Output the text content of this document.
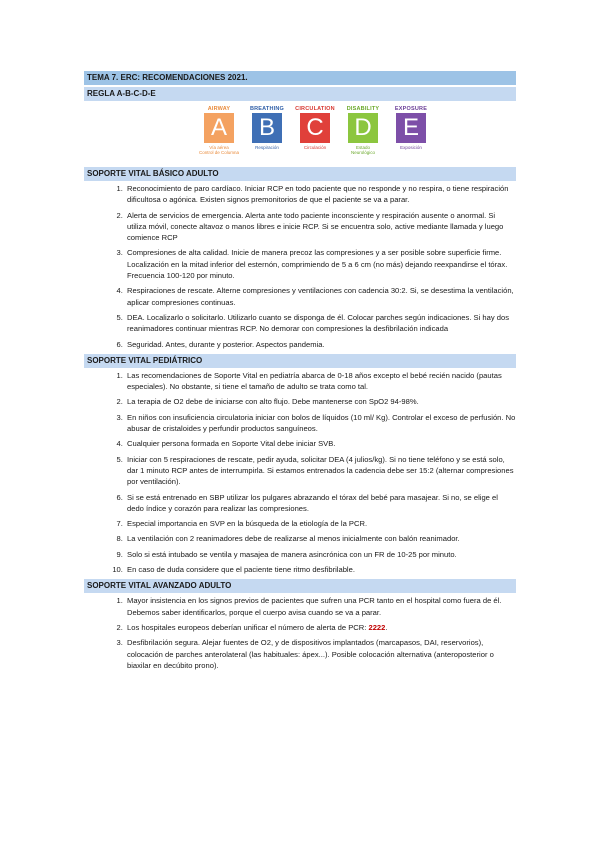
TEMA 7. ERC: RECOMENDACIONES 2021.
REGLA A-B-C-D-E
AIRWAY
A
Vía aérea
Control de Columna
BREATHING
B
Respiración
CIRCULATION
C
Circulación
DISABILITY
D
Estado
Neurológico
EXPOSURE
E
Exposición
SOPORTE VITAL BÁSICO ADULTO
1. Reconocimiento de paro cardíaco. Iniciar RCP en todo paciente que no responde y no respira, o tiene respiración dificultosa o agónica. Existen signos premonitorios de que el paciente se va a parar.
2. Alerta de servicios de emergencia. Alerta ante todo paciente inconsciente y respiración ausente o anormal. Si utiliza móvil, conecte altavoz o manos libres e inicie RCP. Si se encuentra solo, active mediante llamada y luego comience RCP
3. Compresiones de alta calidad. Inicie de manera precoz las compresiones y a ser posible sobre superficie firme. Localización en la mitad inferior del esternón, comprimiendo de 5 a 6 cm (no más) dejando reexpandirse el tórax. Frecuencia 100-120 por minuto.
4. Respiraciones de rescate. Alterne compresiones y ventilaciones con cadencia 30:2. Si, se desestima la ventilación, aplicar compresiones continuas.
5. DEA. Localizarlo o solicitarlo. Utilizarlo cuanto se disponga de él. Colocar parches según indicaciones. Si hay dos reanimadores continuar mientras RCP. No demorar con compresiones la desfibrilación indicada
6. Seguridad. Antes, durante y posterior. Aspectos pandemia.
SOPORTE VITAL PEDIÁTRICO
1. Las recomendaciones de Soporte Vital en pediatría abarca de 0-18 años excepto el bebé recién nacido (pautas especiales). No obstante, si tiene el tamaño de adulto se trata como tal.
2. La terapia de O2 debe de iniciarse con alto flujo. Debe mantenerse con SpO2 94-98%.
3. En niños con insuficiencia circulatoria iniciar con bolos de líquidos (10 ml/ Kg). Controlar el exceso de perfusión. No abusar de cristaloides y perfundir productos sanguíneos.
4. Cualquier persona formada en Soporte Vital debe iniciar SVB.
5. Iniciar con 5 respiraciones de rescate, pedir ayuda, solicitar DEA (4 julios/kg). Si no tiene teléfono y se está solo, dar 1 minuto RCP antes de interrumpirla. Si estamos entrenados la cadencia debe ser 15:2 (alternar compresiones por ventilación).
6. Si se está entrenado en SBP utilizar los pulgares abrazando el tórax del bebé para masajear. Si no, se elige el dedo índice y corazón para realizar las compresiones.
7. Especial importancia en SVP en la búsqueda de la etiología de la PCR.
8. La ventilación con 2 reanimadores debe de realizarse al menos inicialmente con balón reanimador.
9. Solo si está intubado se ventila y masajea de manera asincrónica con un FR de 10-25 por minuto.
10. En caso de duda considere que el paciente tiene ritmo desfibrilable.
SOPORTE VITAL AVANZADO ADULTO
1. Mayor insistencia en los signos previos de pacientes que sufren una PCR tanto en el hospital como fuera de él. Debemos saber identificarlos, porque el cuerpo avisa cuando se va a parar.
2. Los hospitales europeos deberían unificar el número de alerta de PCR: 2222.
3. Desfibrilación segura. Alejar fuentes de O2, y de dispositivos implantados (marcapasos, DAI, reservorios), colocación de parches anterolateral (las habituales: ápex...). Posible colocación alternativa (anteroposterior o biaxilar en decúbito prono).
